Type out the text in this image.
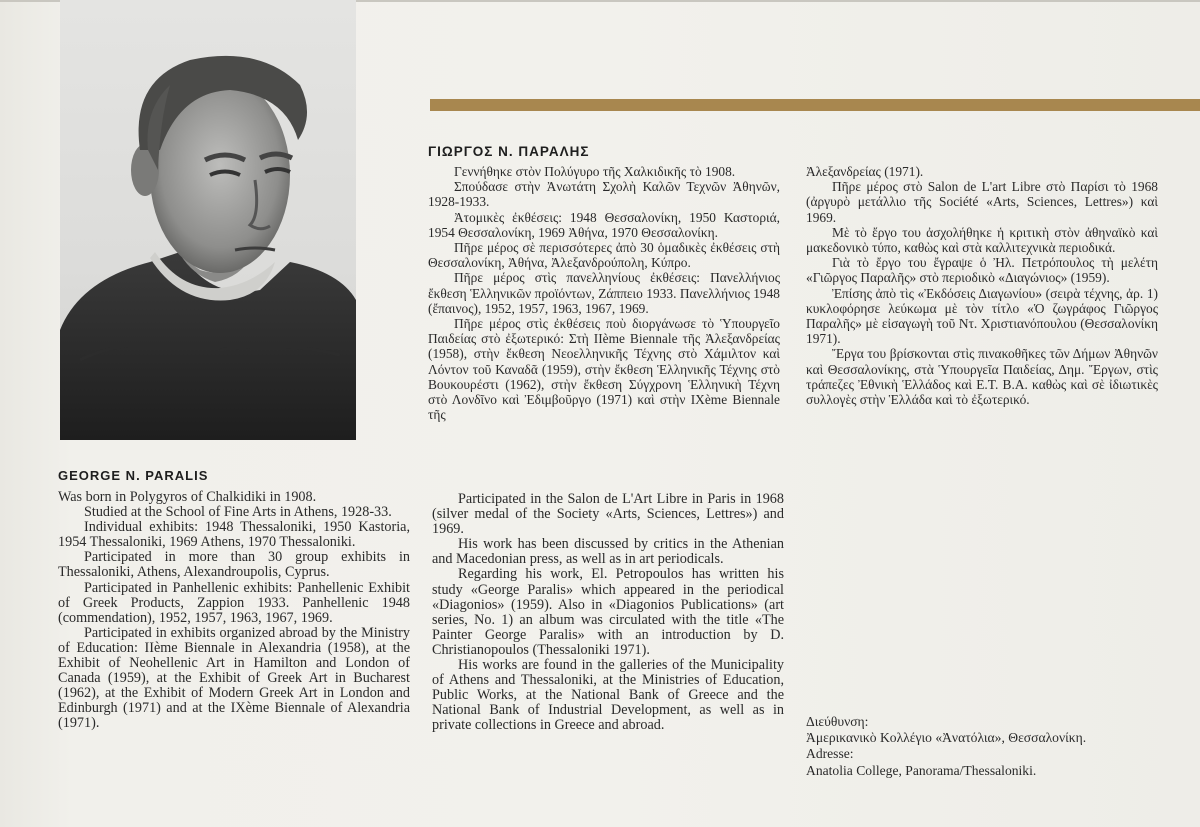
ΓΙΩΡΓΟΣ Ν. ΠΑΡΑΛΗΣ

Γεννήθηκε στὸν Πολύγυρο τῆς Χαλκιδικῆς τὸ 1908.

Σπούδασε στὴν Ἀνωτάτη Σχολὴ Καλῶν Τεχνῶν Ἀθηνῶν, 1928-1933.

Ἀτομικὲς ἐκθέσεις: 1948 Θεσσαλονίκη, 1950 Καστοριά, 1954 Θεσσαλονίκη, 1969 Ἀθήνα, 1970 Θεσσαλονίκη.

Πῆρε μέρος σὲ περισσότερες ἀπὸ 30 ὁμαδικὲς ἐκθέσεις στὴ Θεσσαλονίκη, Ἀθήνα, Ἀλεξανδρούπολη, Κύπρο.

Πῆρε μέρος στὶς πανελληνίους ἐκθέσεις: Πανελλήνιος ἔκθεση Ἑλληνικῶν προϊόντων, Ζάππειο 1933. Πανελλήνιος 1948 (ἔπαινος), 1952, 1957, 1963, 1967, 1969.

Πῆρε μέρος στὶς ἐκθέσεις ποὺ διοργάνωσε τὸ Ὑπουργεῖο Παιδείας στὸ ἐξωτερικό: Στὴ IIème Biennale τῆς Ἀλεξανδρείας (1958), στὴν ἔκθεση Νεοελληνικῆς Τέχνης στὸ Χάμιλτον καὶ Λόντον τοῦ Καναδᾶ (1959), στὴν ἔκθεση Ἑλληνικῆς Τέχνης στὸ Βουκουρέστι (1962), στὴν ἔκθεση Σύγχρονη Ἑλληνικὴ Τέχνη στὸ Λονδῖνο καὶ Ἐδιμβοῦργο (1971) καὶ στὴν IXème Biennale τῆς

Ἀλεξανδρείας (1971).

Πῆρε μέρος στὸ Salon de L'art Libre στὸ Παρίσι τὸ 1968 (ἀργυρὸ μετάλλιο τῆς Société «Arts, Sciences, Lettres») καὶ 1969.

Μὲ τὸ ἔργο του ἀσχολήθηκε ἡ κριτικὴ στὸν ἀθηναϊκὸ καὶ μακεδονικὸ τύπο, καθὼς καὶ στὰ καλλιτεχνικὰ περιοδικά.

Γιὰ τὸ ἔργο του ἔγραψε ὁ Ἠλ. Πετρόπουλος τὴ μελέτη «Γιῶργος Παραλῆς» στὸ περιοδικὸ «Διαγώνιος» (1959).

Ἐπίσης ἀπὸ τὶς «Ἐκδόσεις Διαγωνίου» (σειρὰ τέχνης, ἀρ. 1) κυκλοφόρησε λεύκωμα μὲ τὸν τίτλο «Ὁ ζωγράφος Γιῶργος Παραλῆς» μὲ εἰσαγωγὴ τοῦ Ντ. Χριστιανόπουλου (Θεσσαλονίκη 1971).

Ἔργα του βρίσκονται στὶς πινακοθῆκες τῶν Δήμων Ἀθηνῶν καὶ Θεσσαλονίκης, στὰ Ὑπουργεῖα Παιδείας, Δημ. Ἔργων, στὶς τράπεζες Ἐθνικὴ Ἑλλάδος καὶ Ε.Τ. Β.Α. καθὼς καὶ σὲ ἰδιωτικὲς συλλογὲς στὴν Ἑλλάδα καὶ τὸ ἐξωτερικό.

GEORGE N. PARALIS

Was born in Polygyros of Chalkidiki in 1908.

Studied at the School of Fine Arts in Athens, 1928-33.

Individual exhibits: 1948 Thessaloniki, 1950 Kastoria, 1954 Thessaloniki, 1969 Athens, 1970 Thessaloniki.

Participated in more than 30 group exhibits in Thessaloniki, Athens, Alexandroupolis, Cyprus.

Participated in Panhellenic exhibits: Panhellenic Exhibit of Greek Products, Zappion 1933. Panhellenic 1948 (commendation), 1952, 1957, 1963, 1967, 1969.

Participated in exhibits organized abroad by the Ministry of Education: IIème Biennale in Alexandria (1958), at the Exhibit of Neohellenic Art in Hamilton and London of Canada (1959), at the Exhibit of Greek Art in Bucharest (1962), at the Exhibit of Modern Greek Art in London and Edinburgh (1971) and at the IXème Biennale of Alexandria (1971).

Participated in the Salon de L'Art Libre in Paris in 1968 (silver medal of the Society «Arts, Sciences, Lettres») and 1969.

His work has been discussed by critics in the Athenian and Macedonian press, as well as in art periodicals.

Regarding his work, El. Petropoulos has written his study «George Paralis» which appeared in the periodical «Diagonios» (1959). Also in «Diagonios Publications» (art series, No. 1) an album was circulated with the title «The Painter George Paralis» with an introduction by D. Christianopoulos (Thessaloniki 1971).

His works are found in the galleries of the Municipality of Athens and Thessaloniki, at the Ministries of Education, Public Works, at the National Bank of Greece and the National Bank of Industrial Development, as well as in private collections in Greece and abroad.	Διεύθυνση:
Ἀμερικανικὸ Κολλέγιο «Ἀνατόλια», Θεσσαλονίκη.
Adresse:
Anatolia College, Panorama/Thessaloniki.
